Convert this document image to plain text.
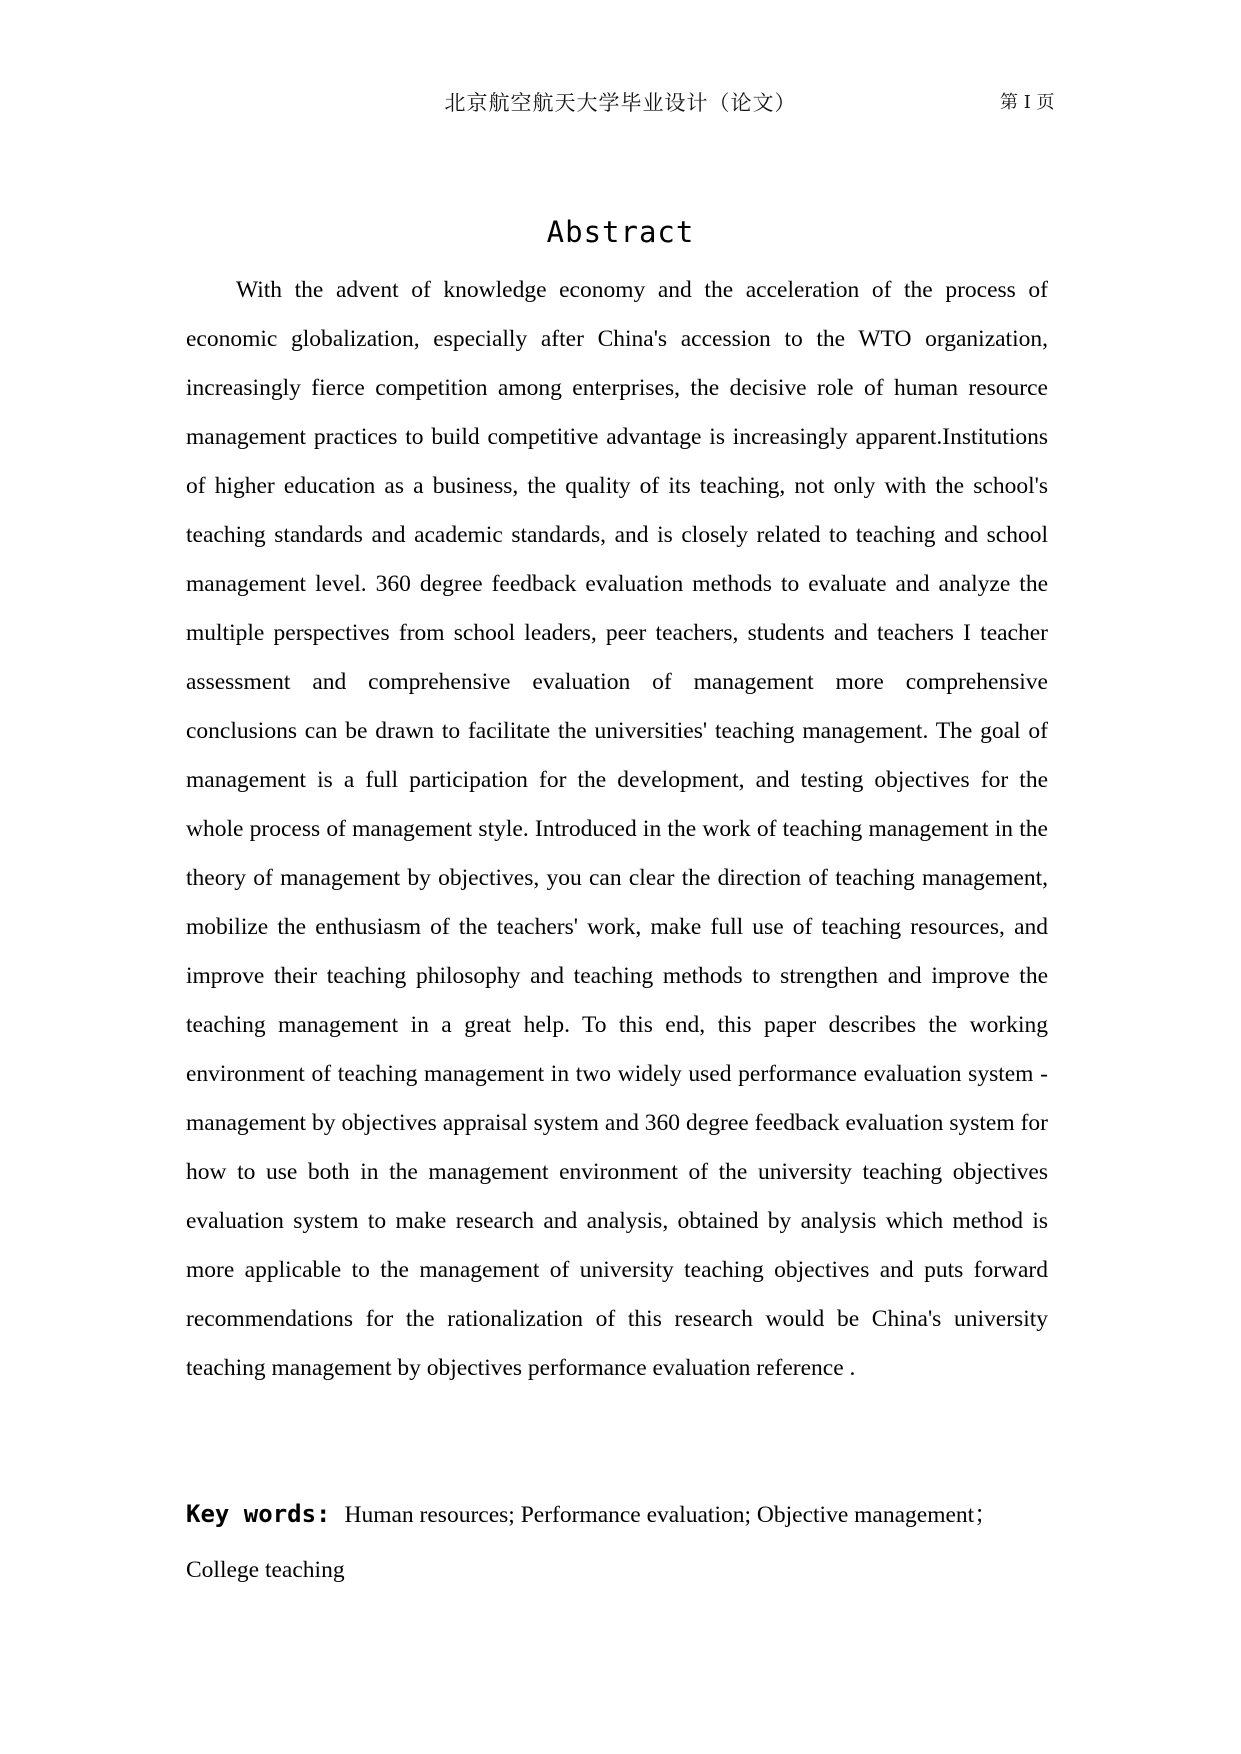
北京航空航天大学毕业设计（论文）	第 I 页
Abstract

With the advent of knowledge economy and the acceleration of the process of economic globalization, especially after China's accession to the WTO organization, increasingly fierce competition among enterprises, the decisive role of human resource management practices to build competitive advantage is increasingly apparent.Institutions of higher education as a business, the quality of its teaching, not only with the school's teaching standards and academic standards, and is closely related to teaching and school management level. 360 degree feedback evaluation methods to evaluate and analyze the multiple perspectives from school leaders, peer teachers, students and teachers I teacher assessment and comprehensive evaluation of management more comprehensive conclusions can be drawn to facilitate the universities' teaching management. The goal of management is a full participation for the development, and testing objectives for the whole process of management style. Introduced in the work of teaching management in the theory of management by objectives, you can clear the direction of teaching management, mobilize the enthusiasm of the teachers' work, make full use of teaching resources, and improve their teaching philosophy and teaching methods to strengthen and improve the teaching management in a great help. To this end, this paper describes the working environment of teaching management in two widely used performance evaluation system - management by objectives appraisal system and 360 degree feedback evaluation system for how to use both in the management environment of the university teaching objectives evaluation system to make research and analysis, obtained by analysis which method is more applicable to the management of university teaching objectives and puts forward recommendations for the rationalization of this research would be China's university teaching management by objectives performance evaluation reference .

Key words: Human resources; Performance evaluation; Objective management；College teaching
